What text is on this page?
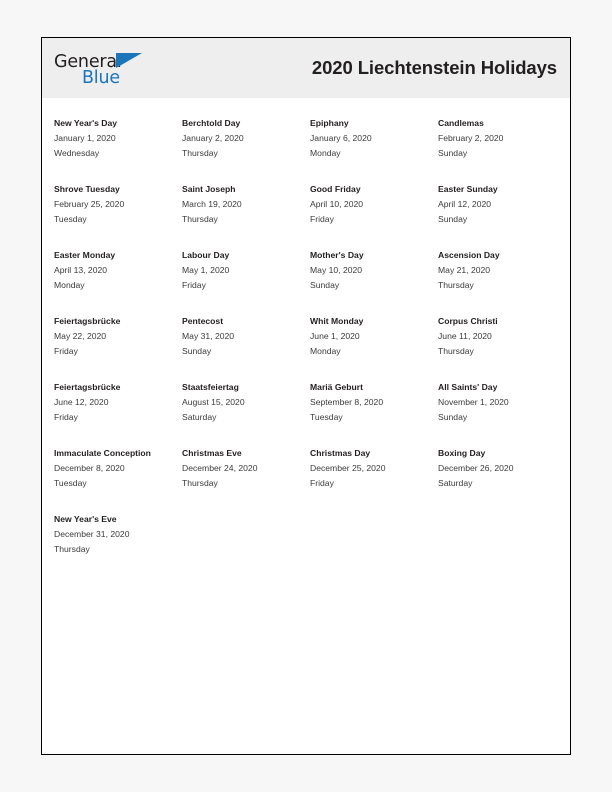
General
Blue	2020 Liechtenstein Holidays
New Year's Day
January 1, 2020
Wednesday
Berchtold Day
January 2, 2020
Thursday
Epiphany
January 6, 2020
Monday
Candlemas
February 2, 2020
Sunday
Shrove Tuesday
February 25, 2020
Tuesday
Saint Joseph
March 19, 2020
Thursday
Good Friday
April 10, 2020
Friday
Easter Sunday
April 12, 2020
Sunday
Easter Monday
April 13, 2020
Monday
Labour Day
May 1, 2020
Friday
Mother's Day
May 10, 2020
Sunday
Ascension Day
May 21, 2020
Thursday
Feiertagsbrücke
May 22, 2020
Friday
Pentecost
May 31, 2020
Sunday
Whit Monday
June 1, 2020
Monday
Corpus Christi
June 11, 2020
Thursday
Feiertagsbrücke
June 12, 2020
Friday
Staatsfeiertag
August 15, 2020
Saturday
Mariä Geburt
September 8, 2020
Tuesday
All Saints' Day
November 1, 2020
Sunday
Immaculate Conception
December 8, 2020
Tuesday
Christmas Eve
December 24, 2020
Thursday
Christmas Day
December 25, 2020
Friday
Boxing Day
December 26, 2020
Saturday
New Year's Eve
December 31, 2020
Thursday
